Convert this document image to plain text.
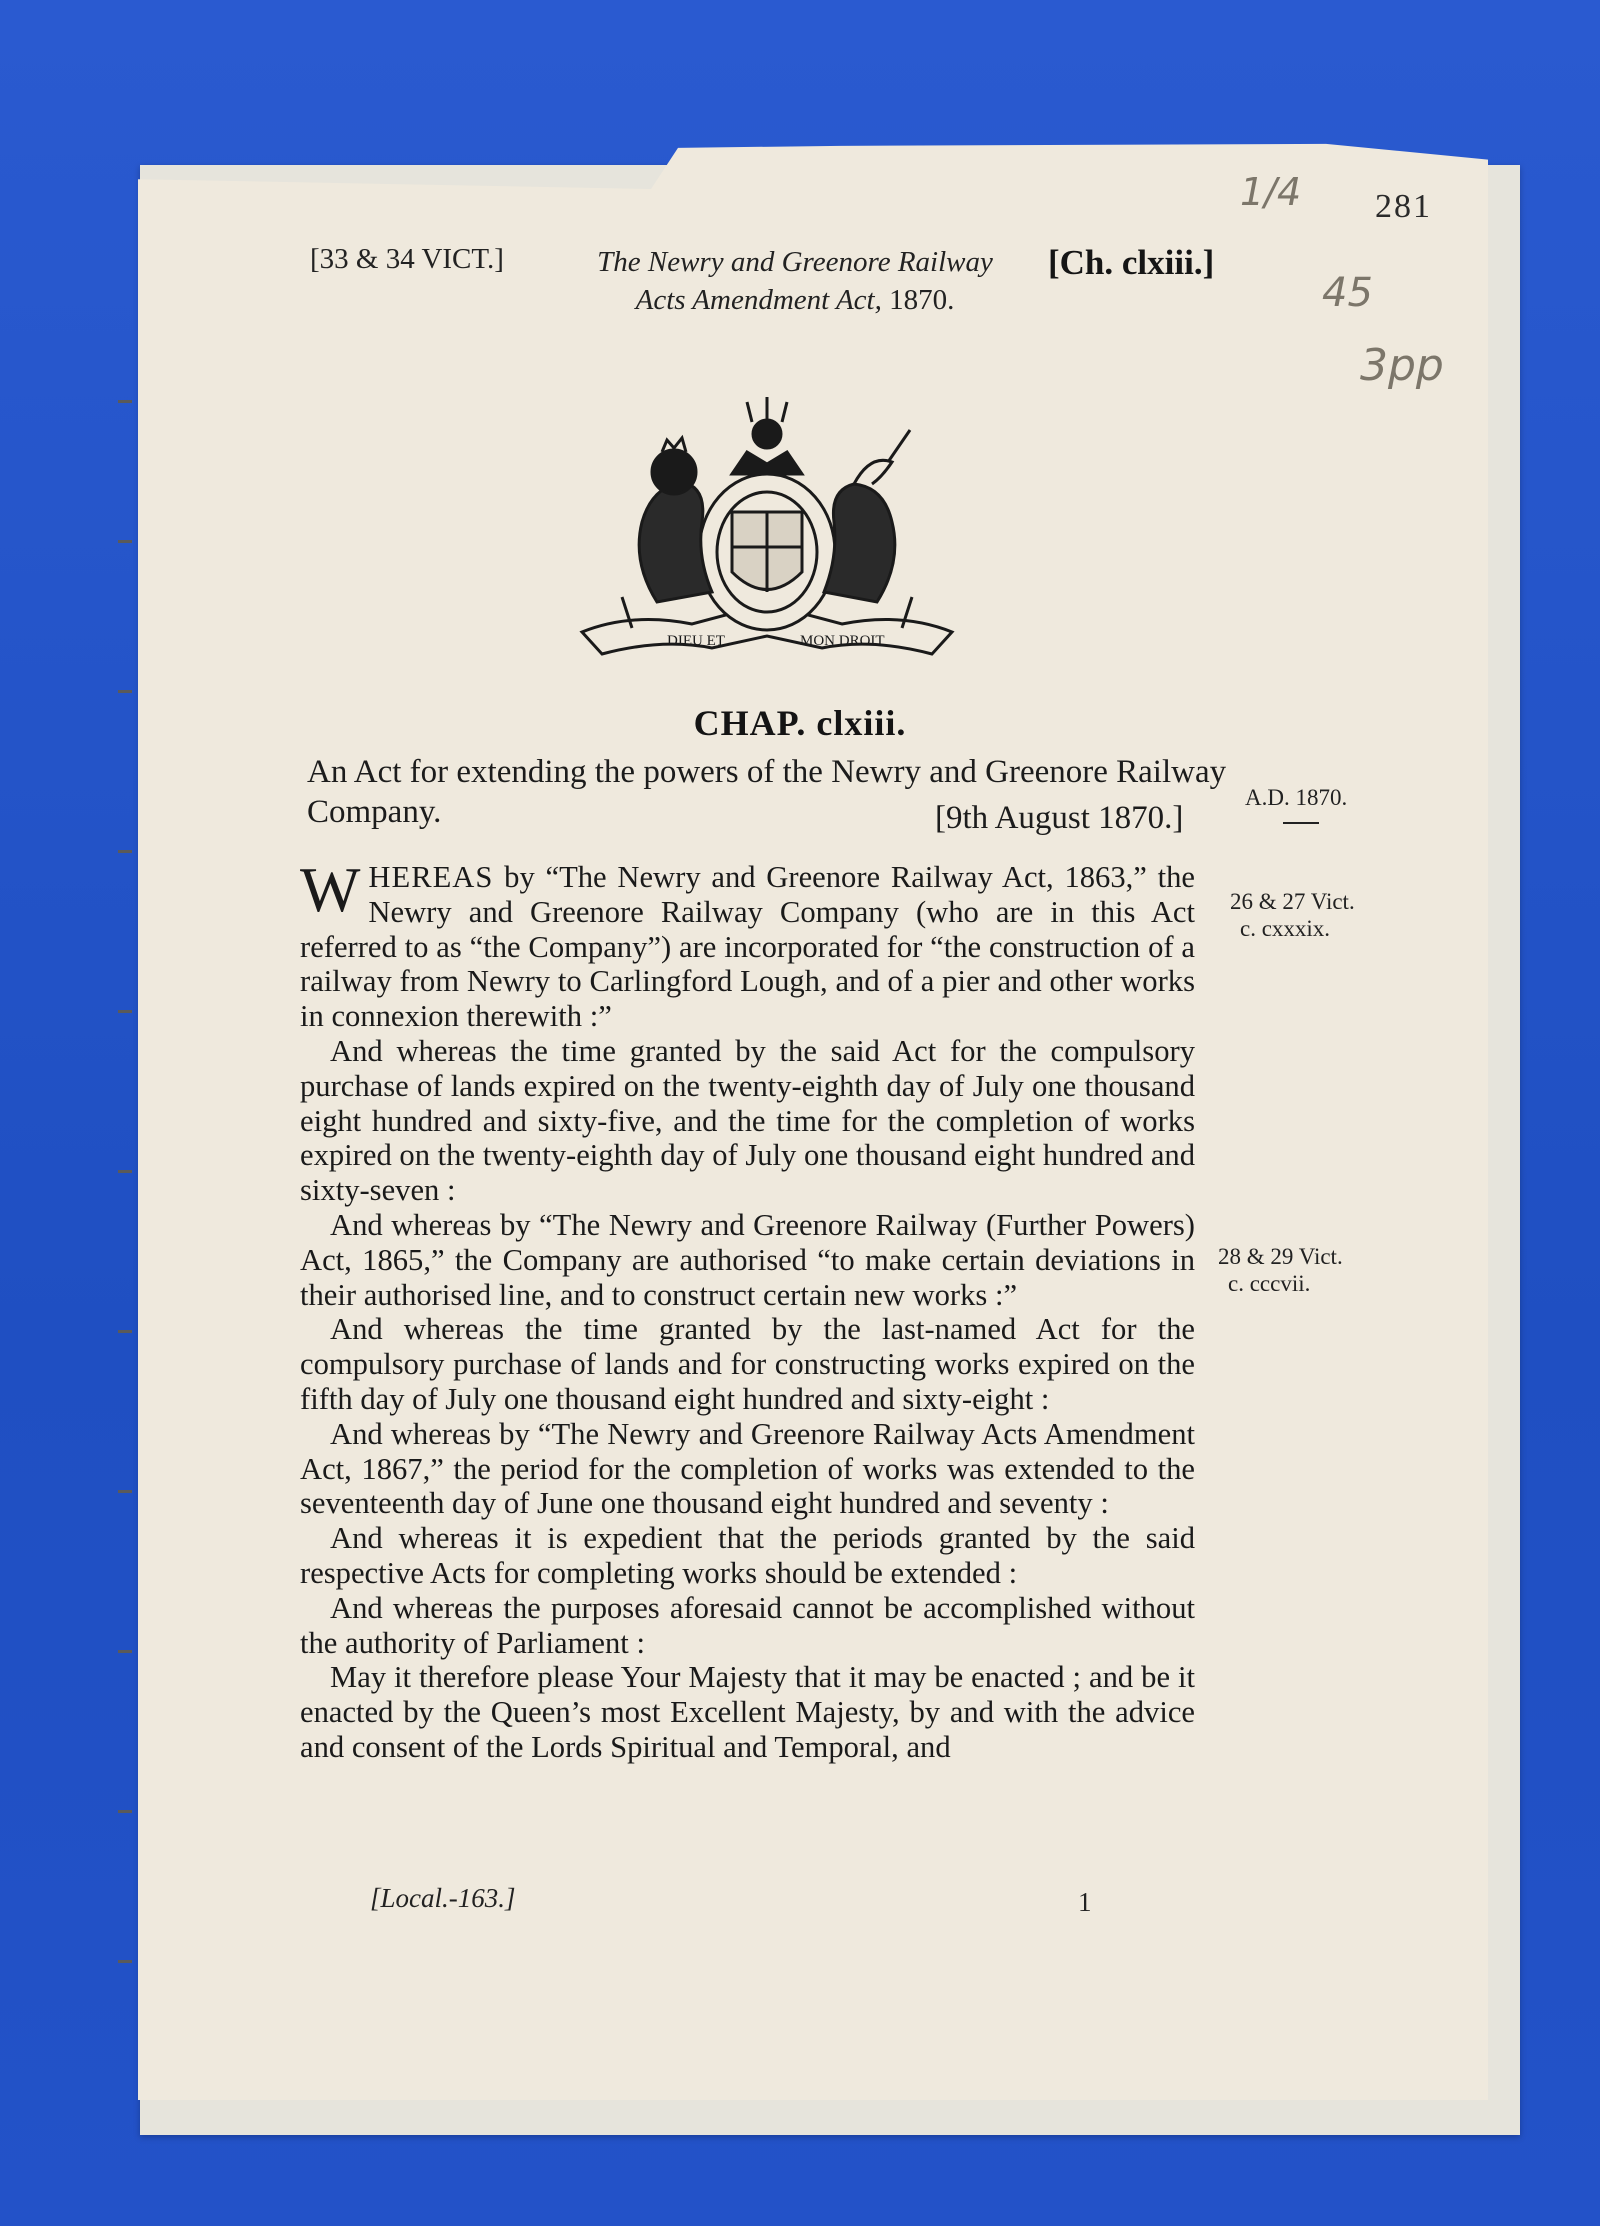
281
1/4
45
3pp
[33 & 34 VICT.]	The Newry and Greenore Railway
Acts Amendment Act, 1870.
[Ch. clxiii.]
DIEU ET	MON DROIT
CHAP. clxiii.
An Act for extending the powers of the Newry and Greenore Railway Company.	[9th August 1870.]
A.D. 1870.

WHEREAS by “The Newry and Greenore Railway Act, 1863,” the Newry and Greenore Railway Company (who are in this Act referred to as “the Company”) are incorporated for “the construction of a railway from Newry to Carlingford Lough, and of a pier and other works in connexion therewith :”

And whereas the time granted by the said Act for the compulsory purchase of lands expired on the twenty-eighth day of July one thousand eight hundred and sixty-five, and the time for the completion of works expired on the twenty-eighth day of July one thousand eight hundred and sixty-seven :

And whereas by “The Newry and Greenore Railway (Further Powers) Act, 1865,” the Company are authorised “to make certain deviations in their authorised line, and to construct certain new works :”

And whereas the time granted by the last-named Act for the compulsory purchase of lands and for constructing works expired on the fifth day of July one thousand eight hundred and sixty-eight :

And whereas by “The Newry and Greenore Railway Acts Amendment Act, 1867,” the period for the completion of works was extended to the seventeenth day of June one thousand eight hundred and seventy :

And whereas it is expedient that the periods granted by the said respective Acts for completing works should be extended :

And whereas the purposes aforesaid cannot be accomplished without the authority of Parliament :

May it therefore please Your Majesty that it may be enacted ; and be it enacted by the Queen’s most Excellent Majesty, by and with the advice and consent of the Lords Spiritual and Temporal, and

26 & 27 Vict.
c. cxxxix.
28 & 29 Vict.
c. cccvii.
[Local.-163.]	1
